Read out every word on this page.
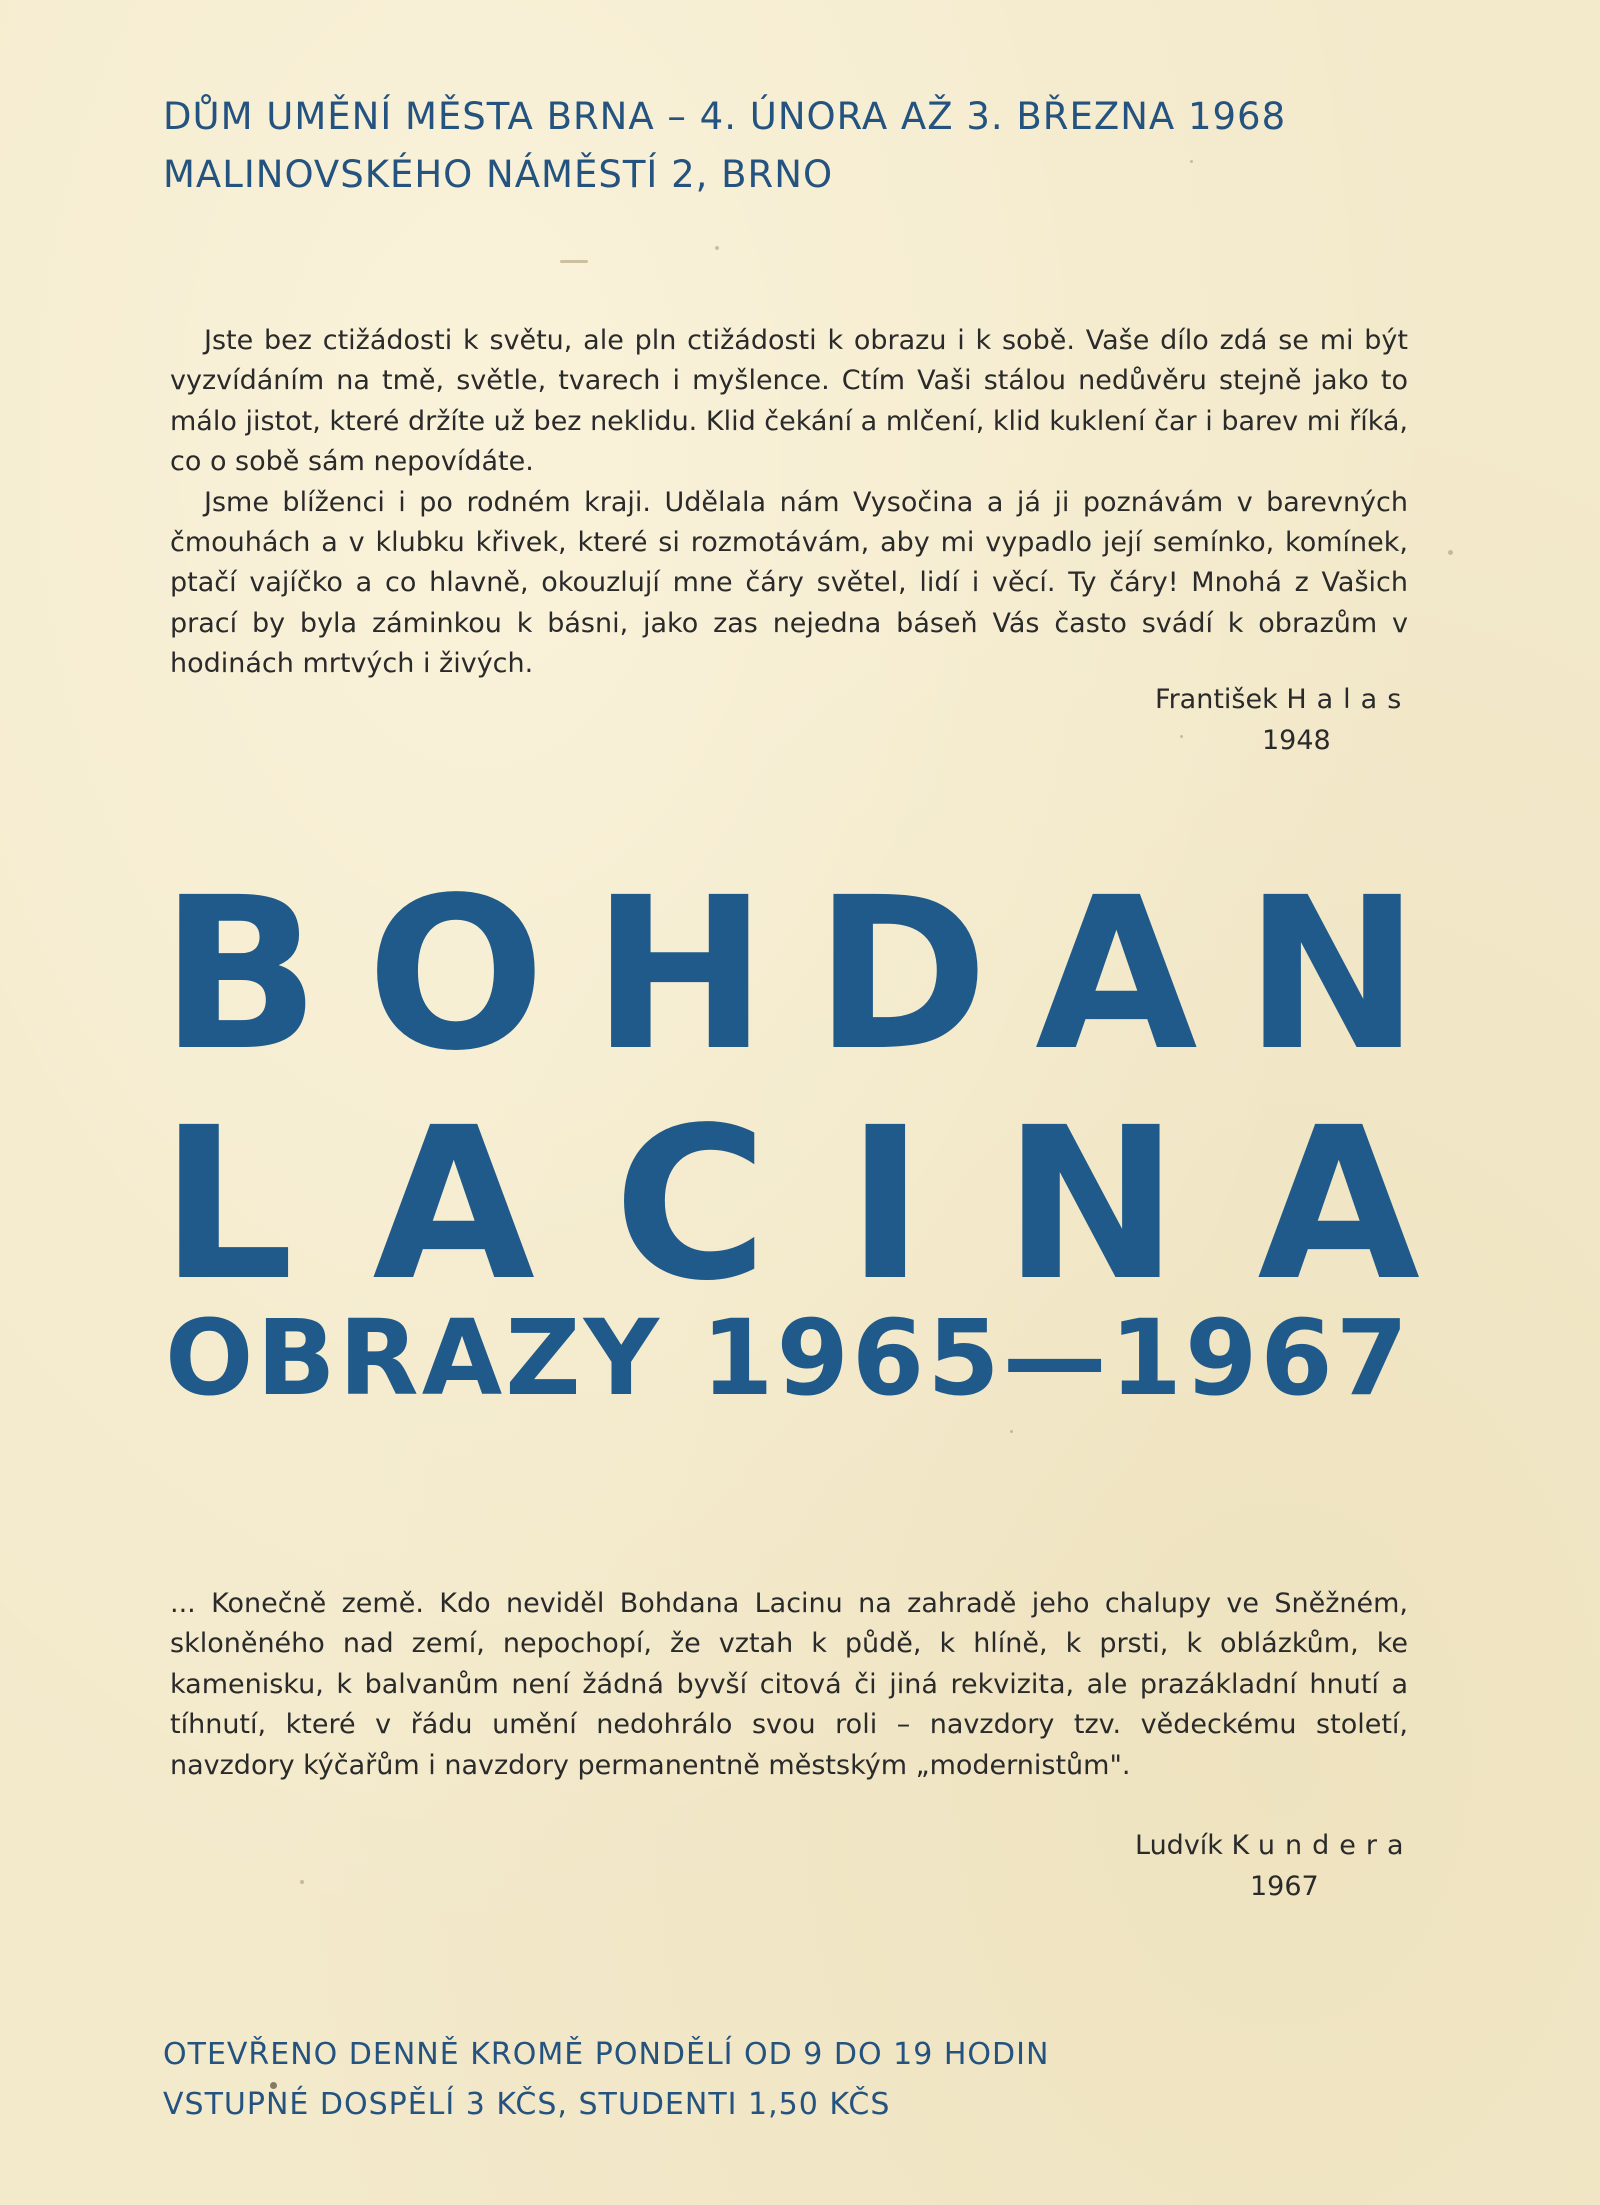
DŮM UMĚNÍ MĚSTA BRNA – 4. ÚNORA AŽ 3. BŘEZNA 1968
MALINOVSKÉHO NÁMĚSTÍ 2, BRNO
Jste bez ctižádosti k světu, ale pln ctižádosti k obrazu i k sobě. Vaše dílo zdá se mi být vyzvídáním na tmě, světle, tvarech i myšlence. Ctím Vaši stálou nedůvěru stejně jako to málo jistot, které držíte už bez neklidu. Klid čekání a mlčení, klid kuklení čar i barev mi říká, co o sobě sám nepovídáte.
Jsme blíženci i po rodném kraji. Udělala nám Vysočina a já ji poznávám v barevných čmouhách a v klubku křivek, které si rozmotávám, aby mi vypadlo její semínko, komínek, ptačí vajíčko a co hlavně, okouzlují mne čáry světel, lidí i věcí. Ty čáry! Mnohá z Vašich prací by byla záminkou k básni, jako zas nejedna báseň Vás často svádí k obrazům v hodinách mrtvých i živých.
František Halas
1948
B O H D A N
L A C I N A
OBRAZY 1965—1967
... Konečně země. Kdo neviděl Bohdana Lacinu na zahradě jeho chalupy ve Sněžném, skloněného nad zemí, nepochopí, že vztah k půdě, k hlíně, k prsti, k oblázkům, ke kamenisku, k balvanům není žádná byvší citová či jiná rekvizita, ale prazákladní hnutí a tíhnutí, které v řádu umění nedohrálo svou roli – navzdory tzv. vědeckému století, navzdory kýčařům i navzdory permanentně městským „modernistům".
Ludvík Kundera
1967
OTEVŘENO DENNĚ KROMĚ PONDĚLÍ OD 9 DO 19 HODIN
VSTUPNÉ DOSPĚLÍ 3 KČS, STUDENTI 1,50 KČS
